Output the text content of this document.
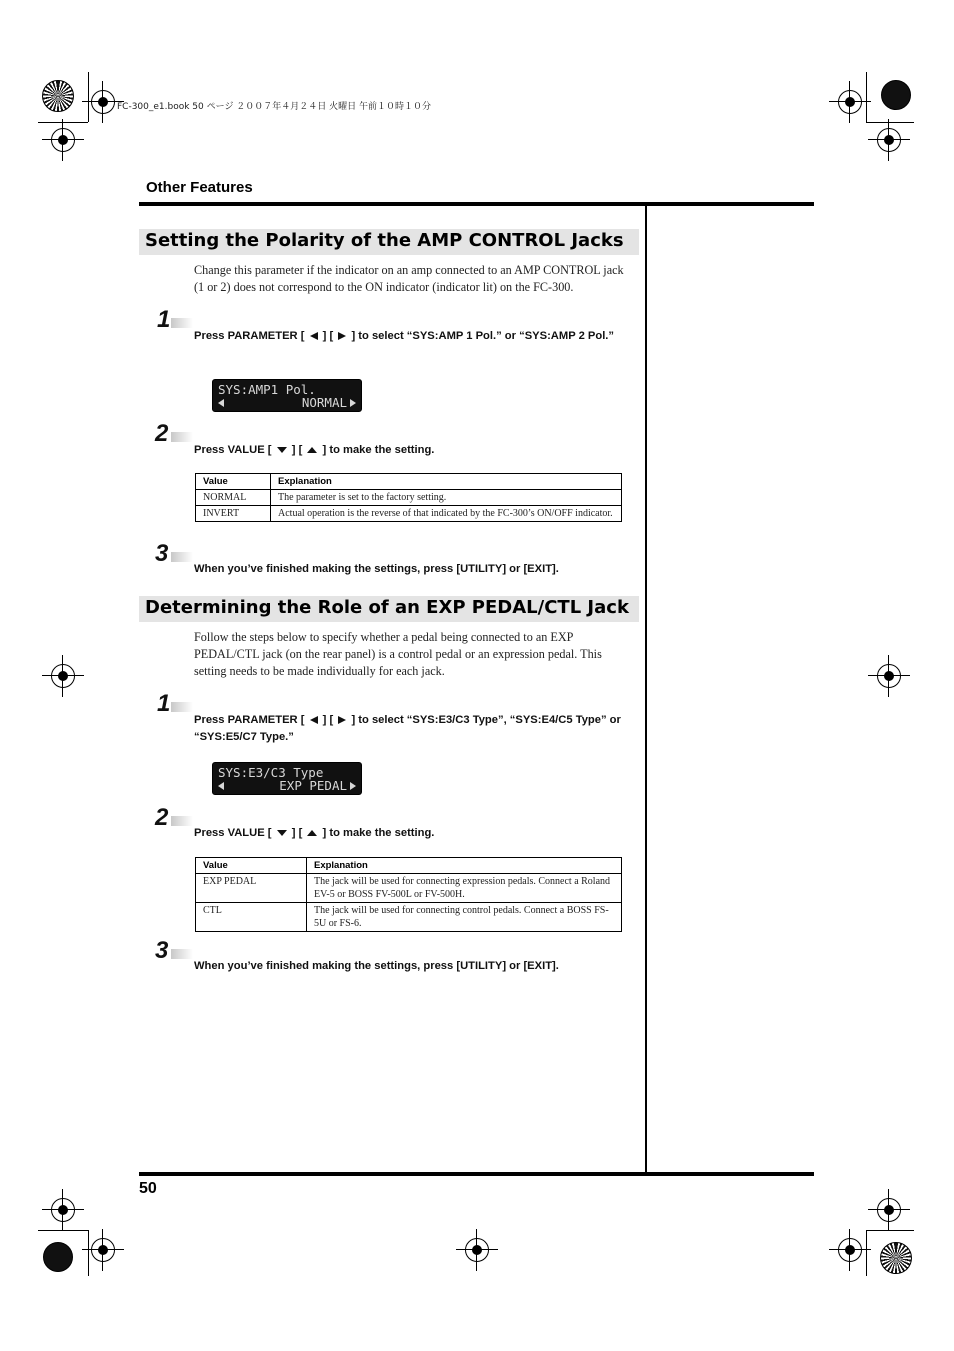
FC-300_e1.book 50 ページ ２００７年４月２４日 火曜日 午前１０時１０分
Other Features
50
Setting the Polarity of the AMP CONTROL Jacks
Change this parameter if the indicator on an amp connected to an AMP CONTROL jack (1 or 2) does not correspond to the ON indicator (indicator lit) on the FC-300.
1
Press PARAMETER [ ] [ ] to select “SYS:AMP 1 Pol.” or “SYS:AMP 2 Pol.”
SYS:AMP1 Pol.
NORMAL
2
Press VALUE [ ] [ ] to make the setting.
Value	Explanation
NORMAL	The parameter is set to the factory setting.
INVERT	Actual operation is the reverse of that indicated by the FC-300’s ON/OFF indicator.
3
When you’ve finished making the settings, press [UTILITY] or [EXIT].
Determining the Role of an EXP PEDAL/CTL Jack
Follow the steps below to specify whether a pedal being connected to an EXP PEDAL/CTL jack (on the rear panel) is a control pedal or an expression pedal. This setting needs to be made individually for each jack.
1
Press PARAMETER [ ] [ ] to select “SYS:E3/C3 Type”, “SYS:E4/C5 Type” or “SYS:E5/C7 Type.”
SYS:E3/C3 Type
EXP PEDAL
2
Press VALUE [ ] [ ] to make the setting.
Value	Explanation
EXP PEDAL	The jack will be used for connecting expression pedals. Connect a Roland EV-5 or BOSS FV-500L or FV-500H.
CTL	The jack will be used for connecting control pedals. Connect a BOSS FS-5U or FS-6.
3
When you’ve finished making the settings, press [UTILITY] or [EXIT].
